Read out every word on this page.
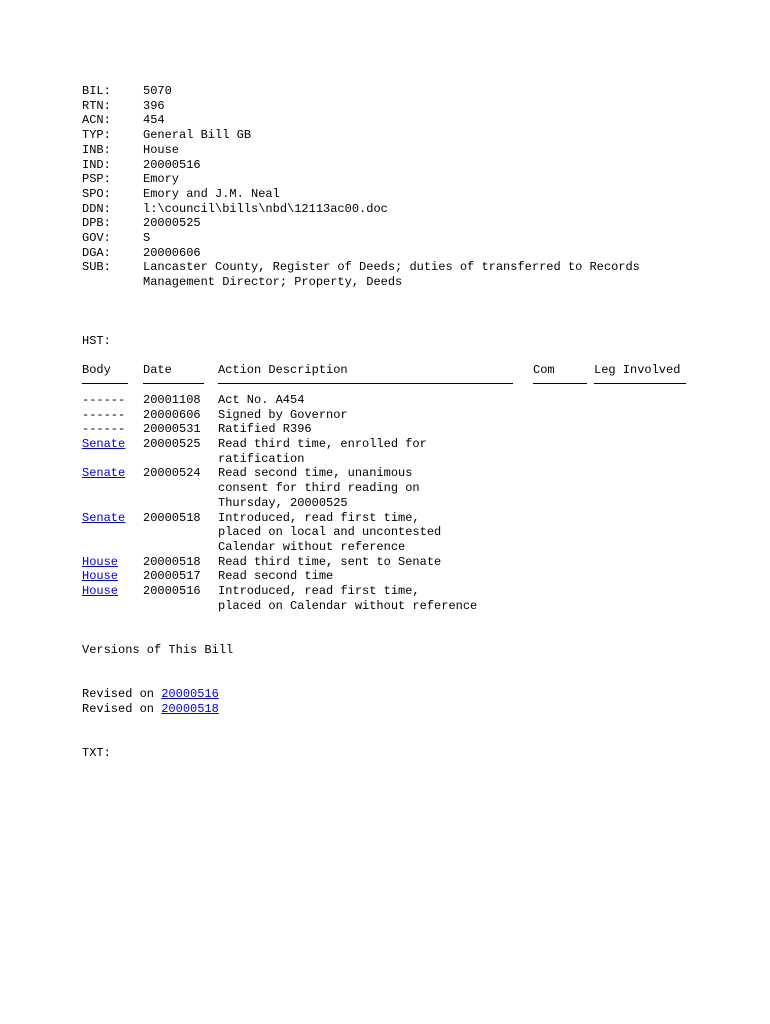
BIL:	5070
RTN:	396
ACN:	454
TYP:	General Bill GB
INB:	House
IND:	20000516
PSP:	Emory
SPO:	Emory and J.M. Neal
DDN:	l:\council\bills\nbd\12113ac00.doc
DPB:	20000525
GOV:	S
DGA:	20000606
SUB:	Lancaster County, Register of Deeds; duties of transferred to Records
Management Director; Property, Deeds
HST:
Body	Date	Action Description	Com	Leg Involved

------	20001108	Act No. A454		
------	20000606	Signed by Governor		
------	20000531	Ratified R396		
Senate	20000525	Read third time, enrolled for
ratification		
Senate	20000524	Read second time, unanimous
consent for third reading on
Thursday, 20000525		
Senate	20000518	Introduced, read first time,
placed on local and uncontested
Calendar without reference		
House	20000518	Read third time, sent to Senate		
House	20000517	Read second time		
House	20000516	Introduced, read first time,
placed on Calendar without reference		
Versions of This Bill
Revised on 20000516
Revised on 20000518
TXT:
